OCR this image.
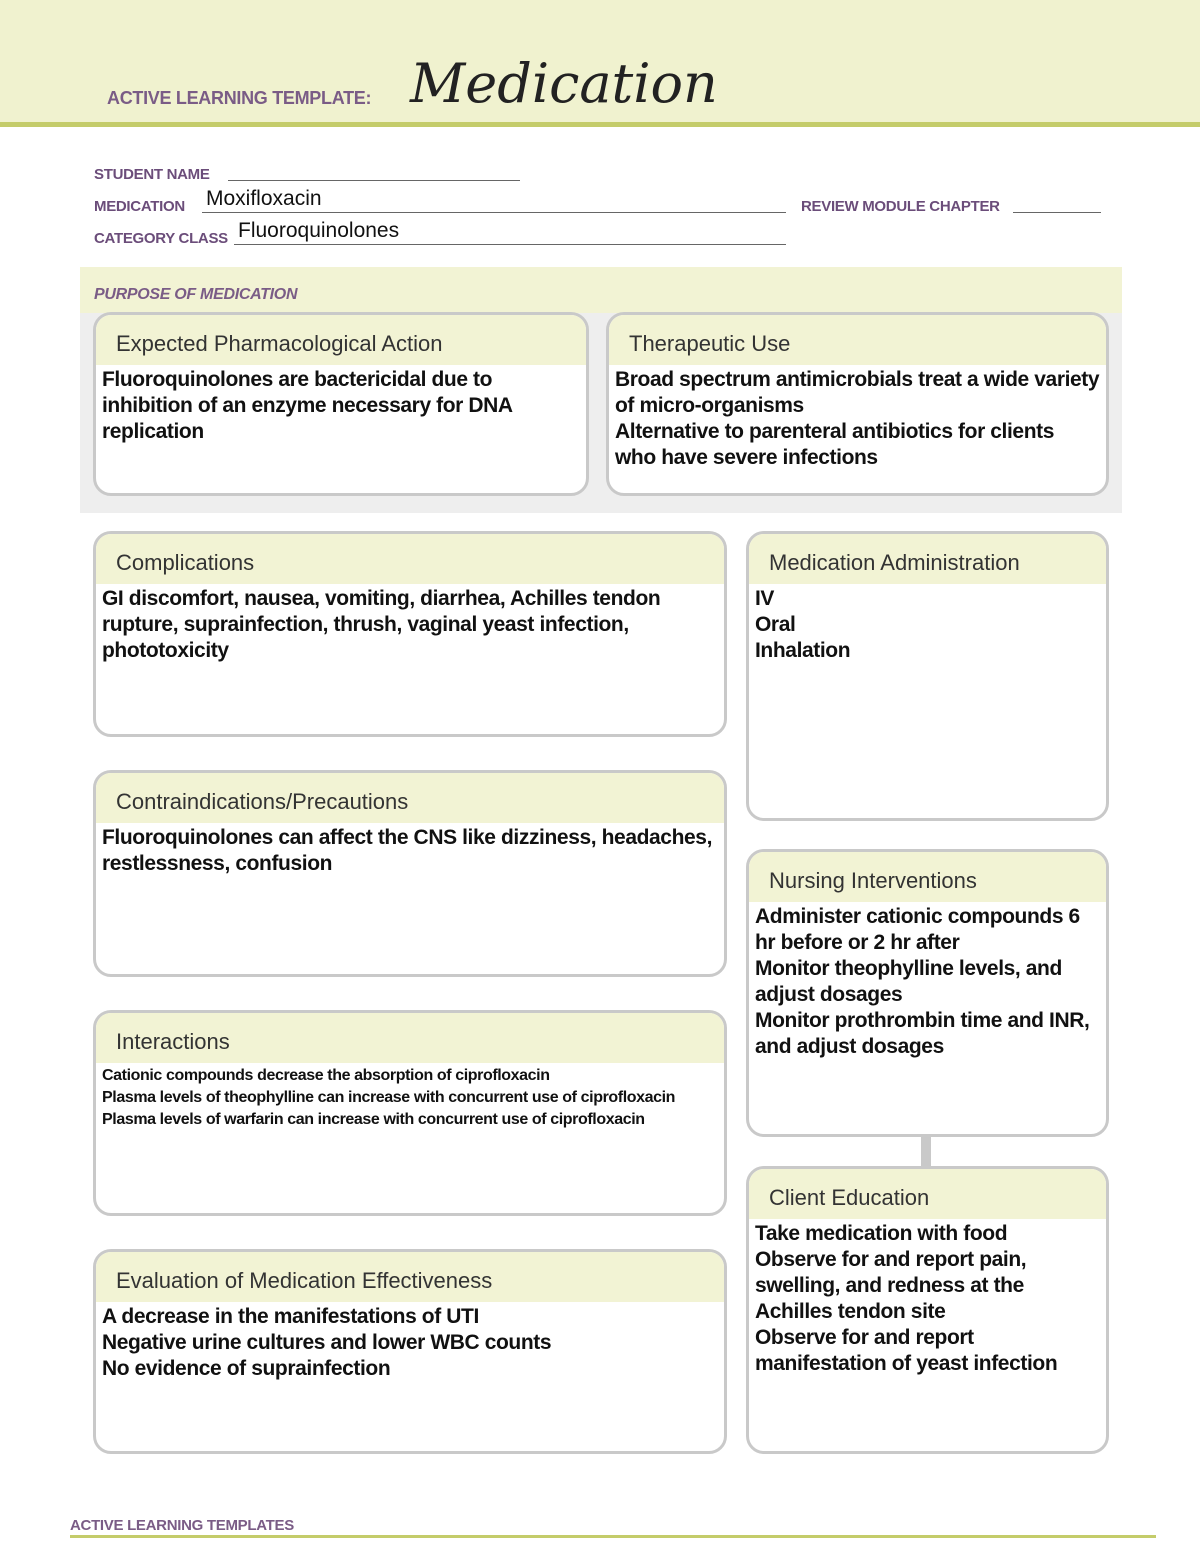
ACTIVE LEARNING TEMPLATE: Medication
STUDENT NAME
MEDICATION Moxifloxacin	REVIEW MODULE CHAPTER
CATEGORY CLASS Fluoroquinolones
PURPOSE OF MEDICATION
Expected Pharmacological Action
Fluoroquinolones are bactericidal due to inhibition of an enzyme necessary for DNA replication
Therapeutic Use
Broad spectrum antimicrobials treat a wide variety of micro-organisms
Alternative to parenteral antibiotics for clients who have severe infections
Complications
GI discomfort, nausea, vomiting, diarrhea, Achilles tendon rupture, suprainfection, thrush, vaginal yeast infection, phototoxicity
Medication Administration
IV
Oral
Inhalation
Contraindications/Precautions
Fluoroquinolones can affect the CNS like dizziness, headaches, restlessness, confusion
Nursing Interventions
Administer cationic compounds 6 hr before or 2 hr after
Monitor theophylline levels, and adjust dosages
Monitor prothrombin time and INR, and adjust dosages
Interactions
Cationic compounds decrease the absorption of ciprofloxacin
Plasma levels of theophylline can increase with concurrent use of ciprofloxacin
Plasma levels of warfarin can increase with concurrent use of ciprofloxacin
Client Education
Take medication with food
Observe for and report pain, swelling, and redness at the Achilles tendon site
Observe for and report manifestation of yeast infection
Evaluation of Medication Effectiveness
A decrease in the manifestations of UTI
Negative urine cultures and lower WBC counts
No evidence of suprainfection
ACTIVE LEARNING TEMPLATES
